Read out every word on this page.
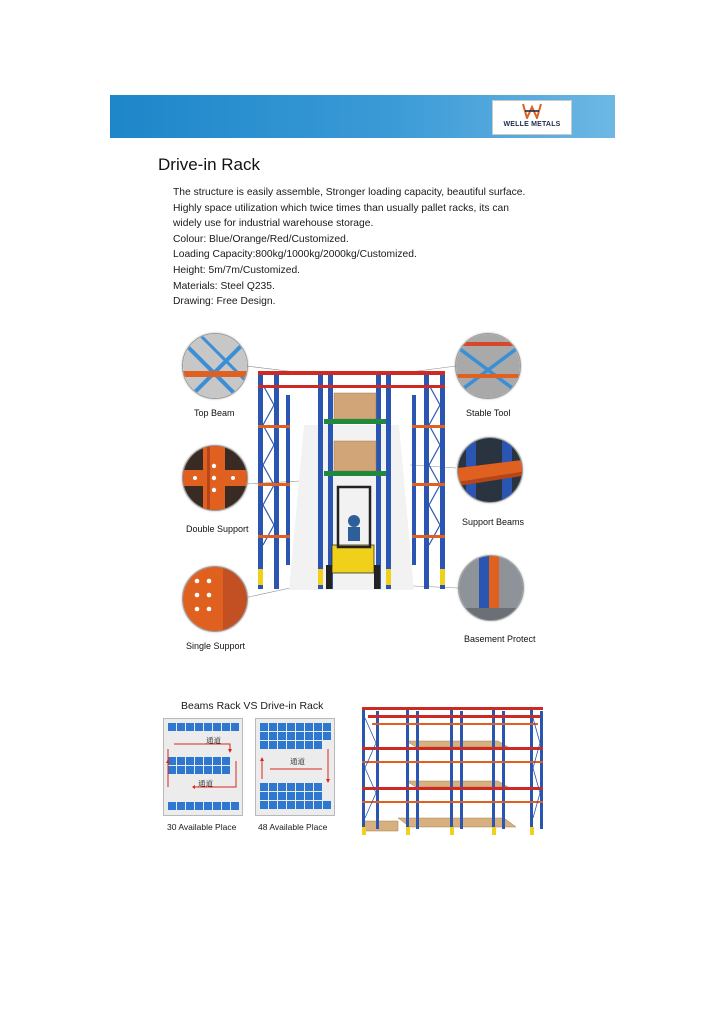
WELLE METALS
Drive-in Rack
The structure is easily assemble, Stronger loading capacity, beautiful surface.
Highly space utilization which twice times than usually pallet racks, its can
widely use for industrial warehouse storage.
Colour: Blue/Orange/Red/Customized.
Loading Capacity:800kg/1000kg/2000kg/Customized.
Height: 5m/7m/Customized.
Materials: Steel Q235.
Drawing: Free Design.
Top Beam
Double Support
Single Support
Stable Tool
Support Beams
Basement Protect
Beams Rack VS Drive-in Rack
通道
通道
30 Available Place
通道
48 Available Place
